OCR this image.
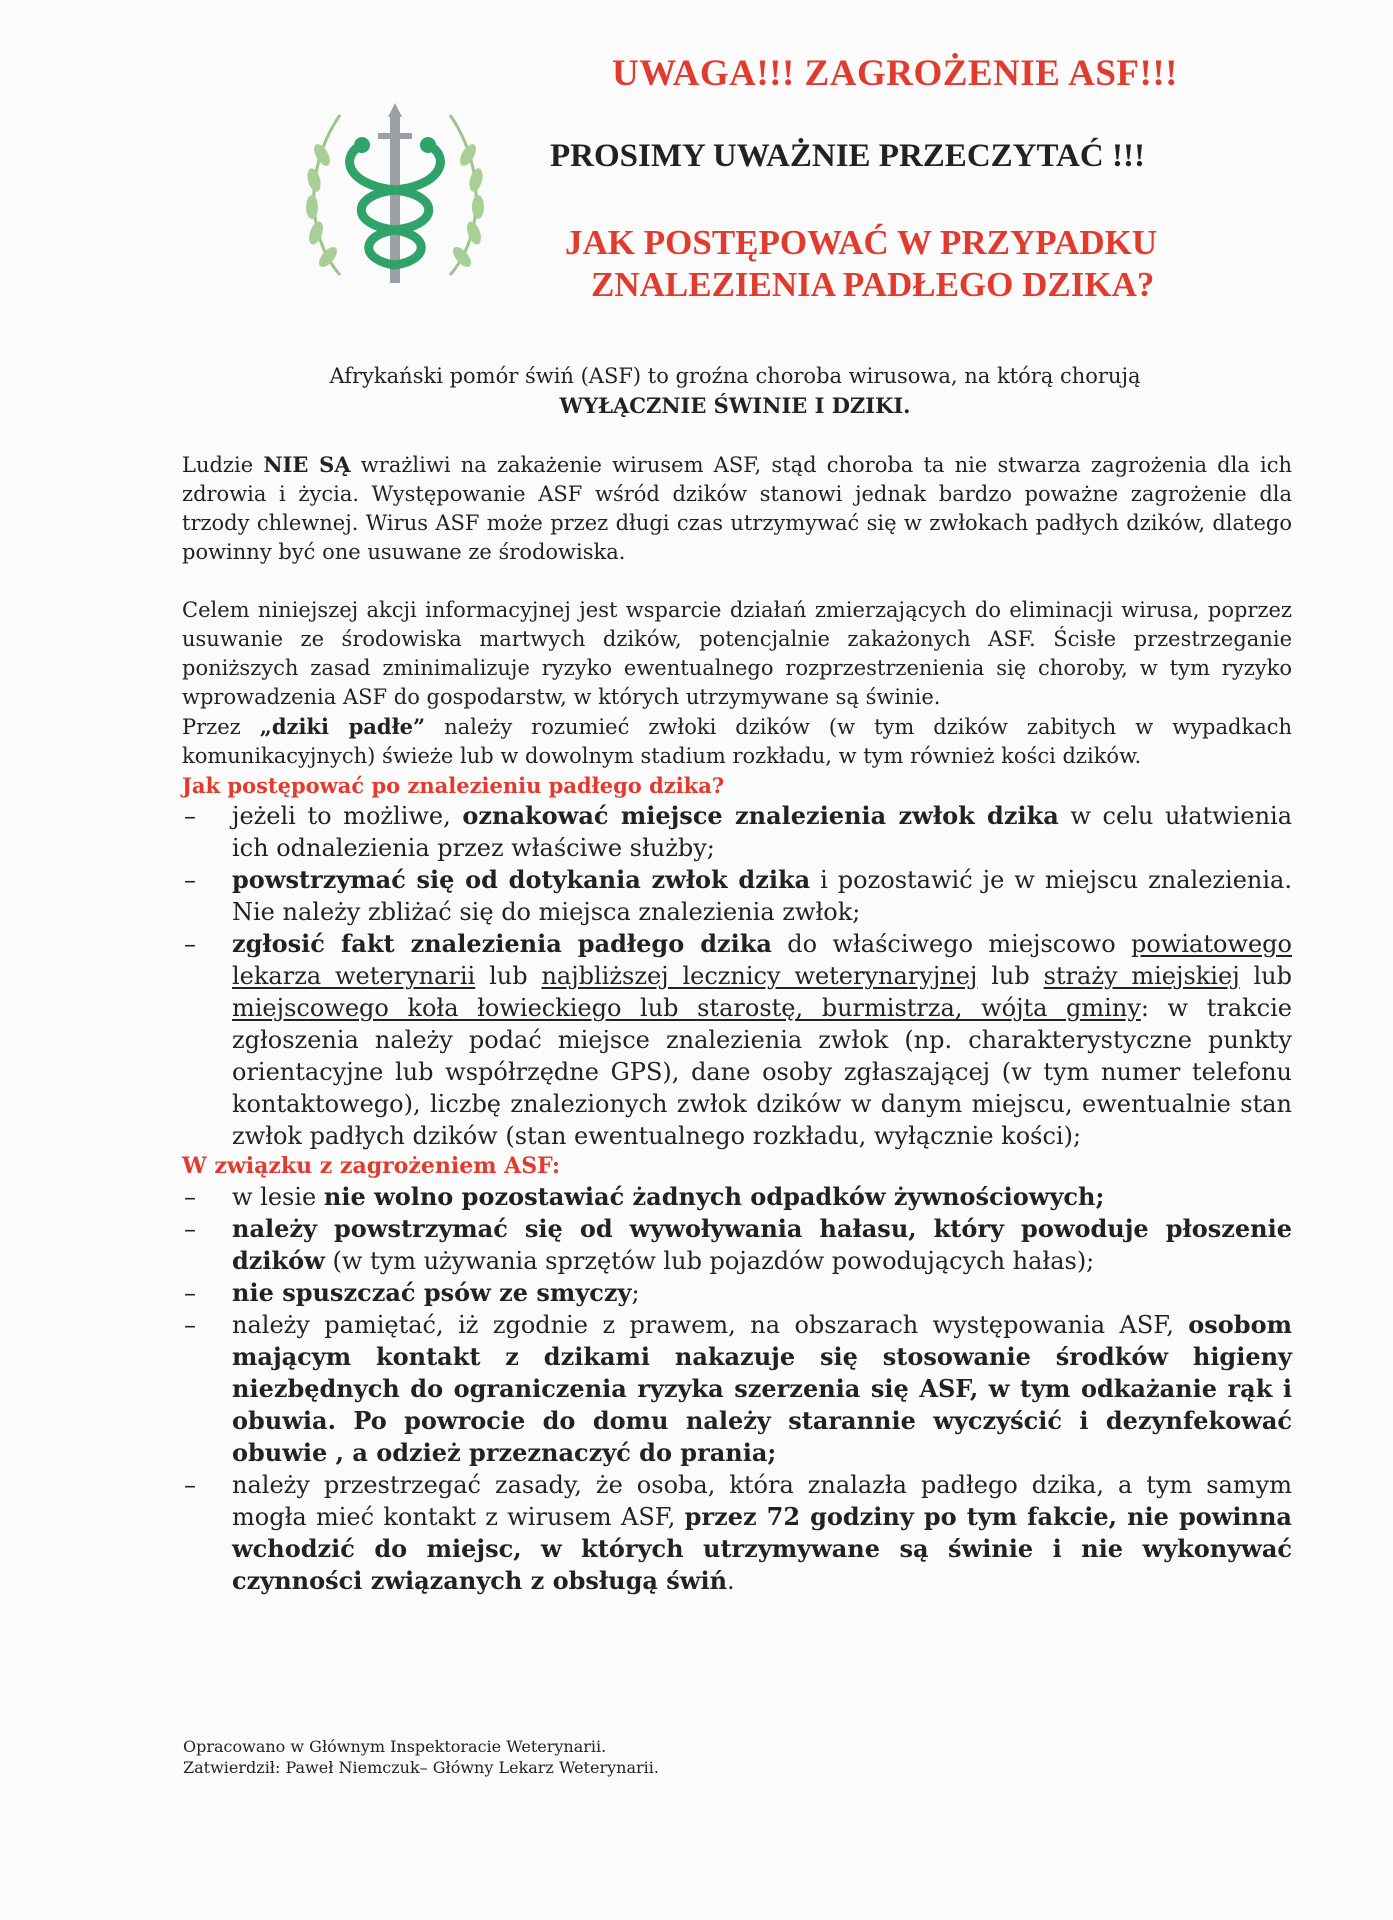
UWAGA!!! ZAGROŻENIE ASF!!!
PROSIMY UWAŻNIE PRZECZYTAĆ !!!
JAK POSTĘPOWAĆ W PRZYPADKU
ZNALEZIENIA PADŁEGO DZIKA?
Afrykański pomór świń (ASF) to groźna choroba wirusowa, na którą chorują
WYŁĄCZNIE ŚWINIE I DZIKI.

Ludzie NIE SĄ wrażliwi na zakażenie wirusem ASF, stąd choroba ta nie stwarza zagrożenia dla ich zdrowia i życia. Występowanie ASF wśród dzików stanowi jednak bardzo poważne zagrożenie dla trzody chlewnej. Wirus ASF może przez długi czas utrzymywać się w zwłokach padłych dzików, dlatego powinny być one usuwane ze środowiska.

Celem niniejszej akcji informacyjnej jest wsparcie działań zmierzających do eliminacji wirusa, poprzez usuwanie ze środowiska martwych dzików, potencjalnie zakażonych ASF. Ścisłe przestrzeganie poniższych zasad zminimalizuje ryzyko ewentualnego rozprzestrzenienia się choroby, w tym ryzyko wprowadzenia ASF do gospodarstw, w których utrzymywane są świnie.

Przez „dziki padłe” należy rozumieć zwłoki dzików (w tym dzików zabitych w wypadkach komunikacyjnych) świeże lub w dowolnym stadium rozkładu, w tym również kości dzików.

Jak postępować po znalezieniu padłego dzika?

– jeżeli to możliwe, oznakować miejsce znalezienia zwłok dzika w celu ułatwienia ich odnalezienia przez właściwe służby;
– powstrzymać się od dotykania zwłok dzika i pozostawić je w miejscu znalezienia. Nie należy zbliżać się do miejsca znalezienia zwłok;
– zgłosić fakt znalezienia padłego dzika do właściwego miejscowo powiatowego lekarza weterynarii lub najbliższej lecznicy weterynaryjnej lub straży miejskiej lub miejscowego koła łowieckiego lub starostę, burmistrza, wójta gminy: w trakcie zgłoszenia należy podać miejsce znalezienia zwłok (np. charakterystyczne punkty orientacyjne lub współrzędne GPS), dane osoby zgłaszającej (w tym numer telefonu kontaktowego), liczbę znalezionych zwłok dzików w danym miejscu, ewentualnie stan zwłok padłych dzików (stan ewentualnego rozkładu, wyłącznie kości);

W związku z zagrożeniem ASF:

– w lesie nie wolno pozostawiać żadnych odpadków żywnościowych;
– należy powstrzymać się od wywoływania hałasu, który powoduje płoszenie dzików (w tym używania sprzętów lub pojazdów powodujących hałas);
– nie spuszczać psów ze smyczy;
– należy pamiętać, iż zgodnie z prawem, na obszarach występowania ASF, osobom mającym kontakt z dzikami nakazuje się stosowanie środków higieny niezbędnych do ograniczenia ryzyka szerzenia się ASF, w tym odkażanie rąk i obuwia. Po powrocie do domu należy starannie wyczyścić i dezynfekować obuwie , a odzież przeznaczyć do prania;
– należy przestrzegać zasady, że osoba, która znalazła padłego dzika, a tym samym mogła mieć kontakt z wirusem ASF, przez 72 godziny po tym fakcie, nie powinna wchodzić do miejsc, w których utrzymywane są świnie i nie wykonywać czynności związanych z obsługą świń.
Opracowano w Głównym Inspektoracie Weterynarii.
Zatwierdził: Paweł Niemczuk– Główny Lekarz Weterynarii.
